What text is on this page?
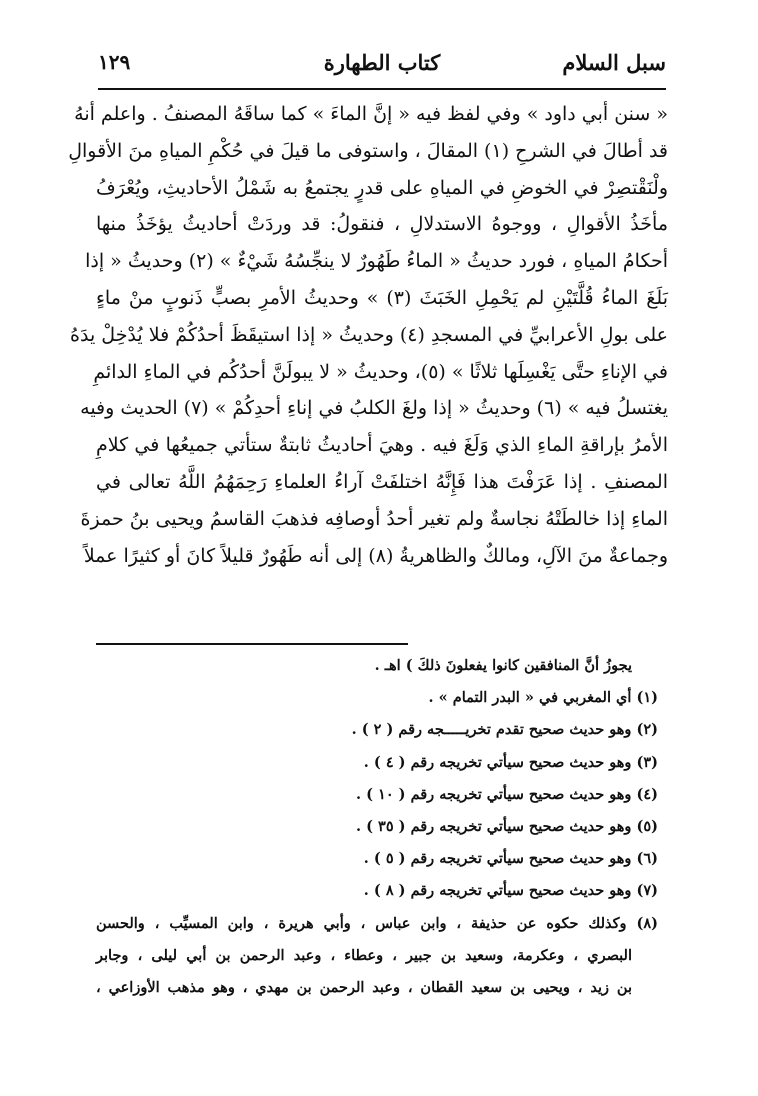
سبل السلام
كتاب الطهارة
١٢٩
« سنن أبي داود » وفي لفظ فيه « إنَّ الماءَ » كما ساقَهُ المصنفُ . واعلم أنهُ
قد أطالَ في الشرحِ (١) المقالَ ، واستوفى ما قيلَ في حُكْمِ المياهِ منَ الأقوالِ
ولْنَقْتصِرْ في الخوضِ في المياهِ على قدرٍ يجتمعُ به شَمْلُ الأحاديثِ، ويُعْرَفُ
مأخَذُ الأقوالِ ، ووجوهُ الاستدلالِ ، فنقولُ: قد وردَتْ أحاديثُ يؤخَذُ منها
أحكامُ المياهِ ، فورد حديثُ « الماءُ طَهُورٌ لا ينجِّسُهُ شَيْءٌ » (٢) وحديثُ « إذا
بَلَغَ الماءُ قُلَّتَيْنِ لم يَحْمِلِ الخَبَثَ (٣) » وحديثُ الأمرِ بصبٍّ ذَنوبٍ منْ ماءٍ
على بولِ الأعرابيِّ في المسجدِ (٤) وحديثُ « إذا استيقَظَ أحدُكُمْ فلا يُدْخِلْ يدَهُ
في الإناءِ حتَّى يَغْسِلَها ثلاثًا » (٥)، وحديثُ « لا يبولَنَّ أحدُكُم في الماءِ الدائمِ
يغتسلُ فيه » (٦) وحديثُ « إذا ولغَ الكلبُ في إناءِ أحدِكُمْ » (٧) الحديث وفيه
الأمرُ بإراقةِ الماءِ الذي وَلَغَ فيه . وهيَ أحاديثُ ثابتةٌ ستأتي جميعُها في كلامِ
المصنفِ . إذا عَرَفْتَ هذا فَإِنَّهُ اختلفَتْ آراءُ العلماءِ رَحِمَهُمُ اللَّهُ تعالى في
الماءِ إذا خالطَتْهُ نجاسةٌ ولم تغير أحدُ أوصافِه فذهبَ القاسمُ ويحيى بنُ حمزةَ
وجماعةٌ منَ الآلِ، ومالكٌ والظاهريةُ (٨) إلى أنه طَهُورٌ قليلاً كانَ أو كثيرًا عملاً
يجوزُ أنَّ المنافقين كانوا يفعلونَ ذلكَ ) اهـ .
(١) أي المغربي في « البدر التمام » .
(٢) وهو حديث صحيح تقدم تخريـــــجه رقم ( ٢ ) .
(٣) وهو حديث صحيح سيأتي تخريجه رقم ( ٤ ) .
(٤) وهو حديث صحيح سيأتي تخريجه رقم ( ١٠ ) .
(٥) وهو حديث صحيح سيأتي تخريجه رقم ( ٣٥ ) .
(٦) وهو حديث صحيح سيأتي تخريجه رقم ( ٥ ) .
(٧) وهو حديث صحيح سيأتي تخريجه رقم ( ٨ ) .
(٨) وكذلك حكوه عن حذيفة ، وابن عباس ، وأبي هريرة ، وابن المسيِّب ، والحسن
البصري ، وعكرمة، وسعيد بن جبير ، وعطاء ، وعبد الرحمن بن أبي ليلى ، وجابر
بن زيد ، ويحيى بن سعيد القطان ، وعبد الرحمن بن مهدي ، وهو مذهب الأوزاعي ،
